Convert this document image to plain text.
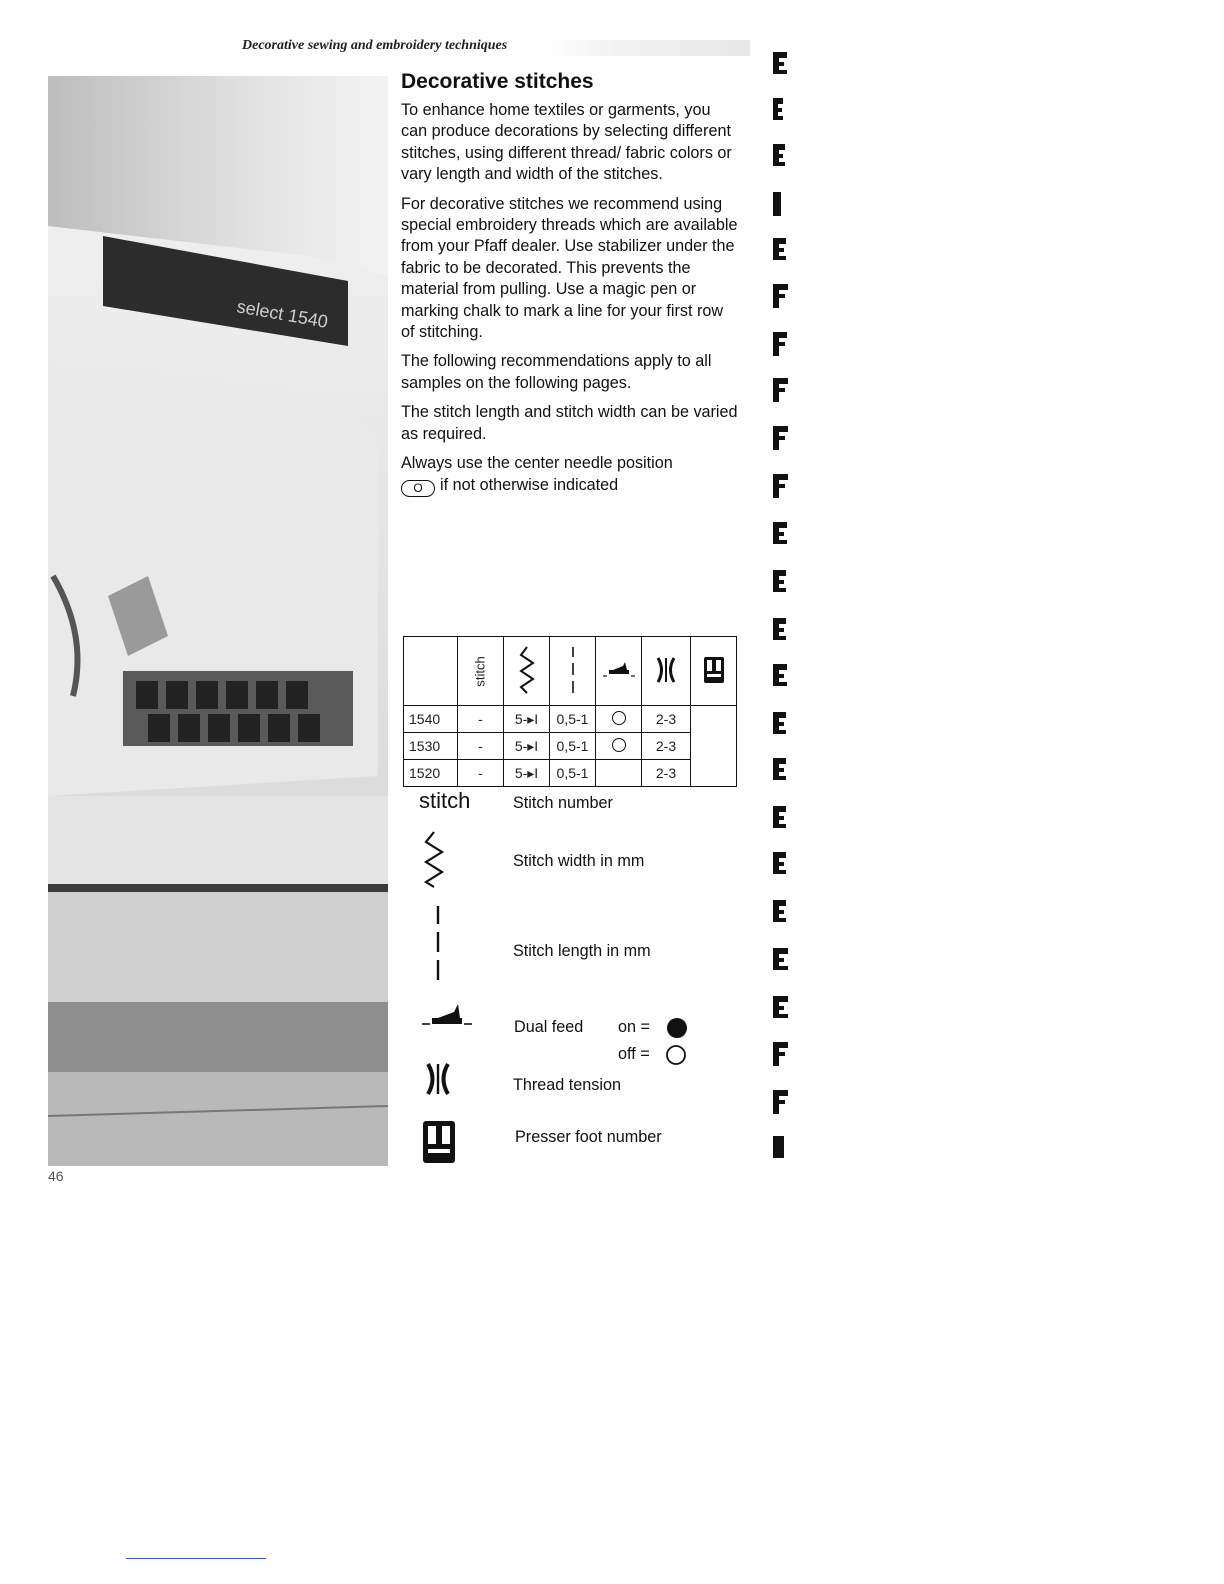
Decorative sewing and embroidery techniques
select 1540
46
Decorative stitches

To enhance home textiles or garments, you can produce decorations by selecting different stitches, using different thread/ fabric colors or vary length and width of the stitches.

For decorative stitches we recommend using special embroidery threads which are available from your Pfaff dealer. Use stabilizer under the fabric to be decorated. This prevents the material from pulling. Use a magic pen or marking chalk to mark a line for your first row of stitching.

The following recommendations apply to all samples on the following pages.

The stitch length and stitch width can be varied as required.

Always use the center needle position
O if not otherwise indicated

	stitch					
1540	-	5-▸I	0,5-1		2-3	
1530	-	5-▸I	0,5-1		2-3	
1520	-	5-▸I	0,5-1		2-3	
stitch	Stitch number
Stitch width in mm
Stitch length in mm
Dual feed on =
off =
Thread tension
Presser foot number
